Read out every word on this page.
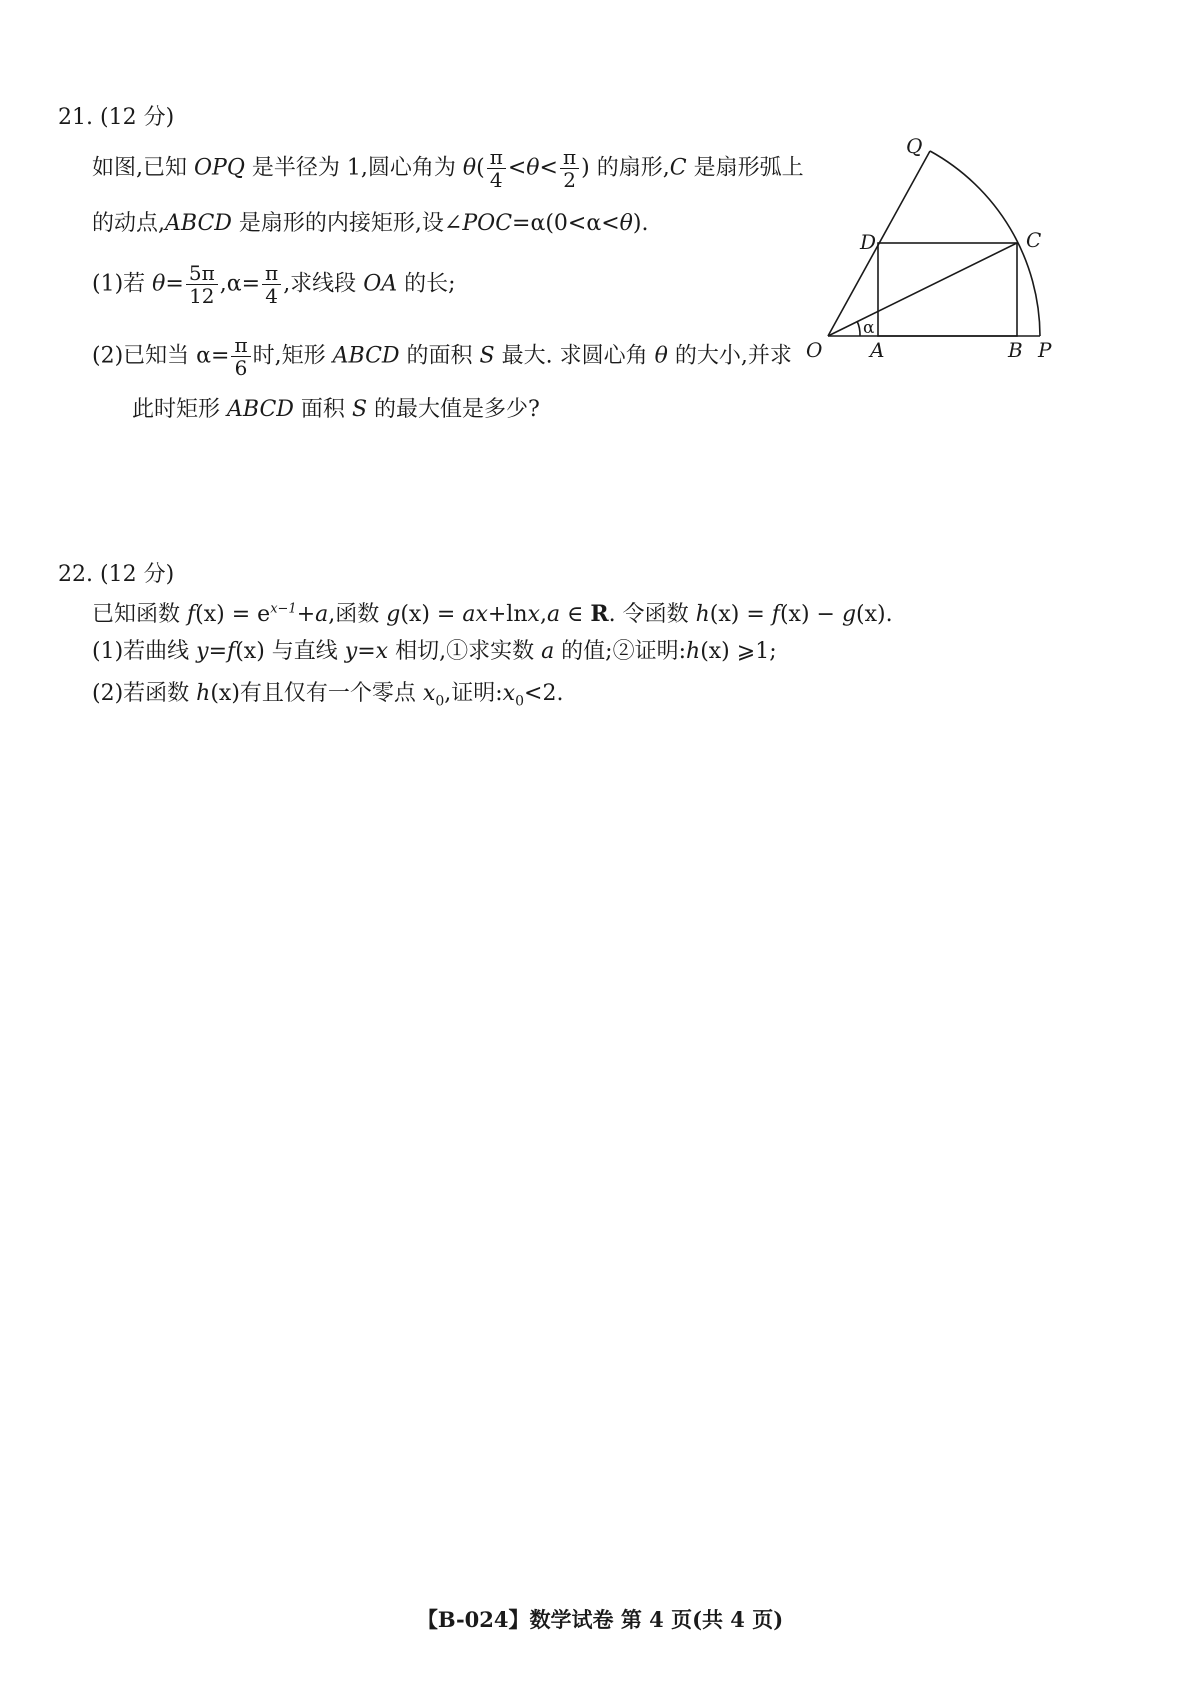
21. (12 分)
如图,已知 OPQ 是半径为 1,圆心角为 $\theta( \frac{\pi}{4} <\theta< \frac{\pi}{2}$ ) 的扇形,C 是扇形弧上
的动点,ABCD 是扇形的内接矩形,设∠POC=α(0<α<θ).
(1)若 $\theta= \frac{5\pi}{12} ,\alpha= \frac{\pi}{4}$ ,求线段 OA 的长;
(2)已知当 $\alpha= \frac{\pi}{6}$ 时,矩形 ABCD 的面积 S 最大. 求圆心角 θ 的大小,并求
此时矩形 ABCD 面积 S 的最大值是多少?
O A	B P
C
D
Q
α
22. (12 分)
已知函数 $f(x) = e^{x-1}+a$,函数 g(x) = ax+lnx,a ∈ R. 令函数 h(x) = f(x) − g(x).
(1)若曲线 y=f(x) 与直线 y=x 相切,①求实数 a 的值;②证明:h(x) ⩾1;
(2)若函数 h(x)有且仅有一个零点 $x_0$,证明$:x_0<2$.
【B-024】数学试卷 第 4 页(共 4 页)
